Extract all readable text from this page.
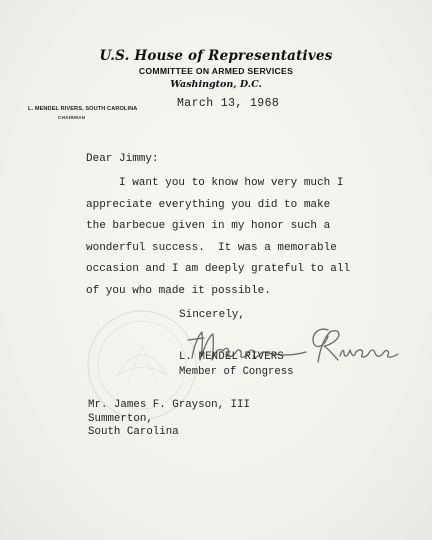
U.S. House of Representatives
COMMITTEE ON ARMED SERVICES
Washington, D.C.
L. MENDEL RIVERS, SOUTH CAROLINA
CHAIRMAN
March 13, 1968
Dear Jimmy:
I want you to know how very much I
appreciate everything you did to make
the barbecue given in my honor such a
wonderful success.  It was a memorable
occasion and I am deeply grateful to all
of you who made it possible.
Sincerely,
L. MENDEL RIVERS
Member of Congress
Mr. James F. Grayson, III
Summerton,
South Carolina
